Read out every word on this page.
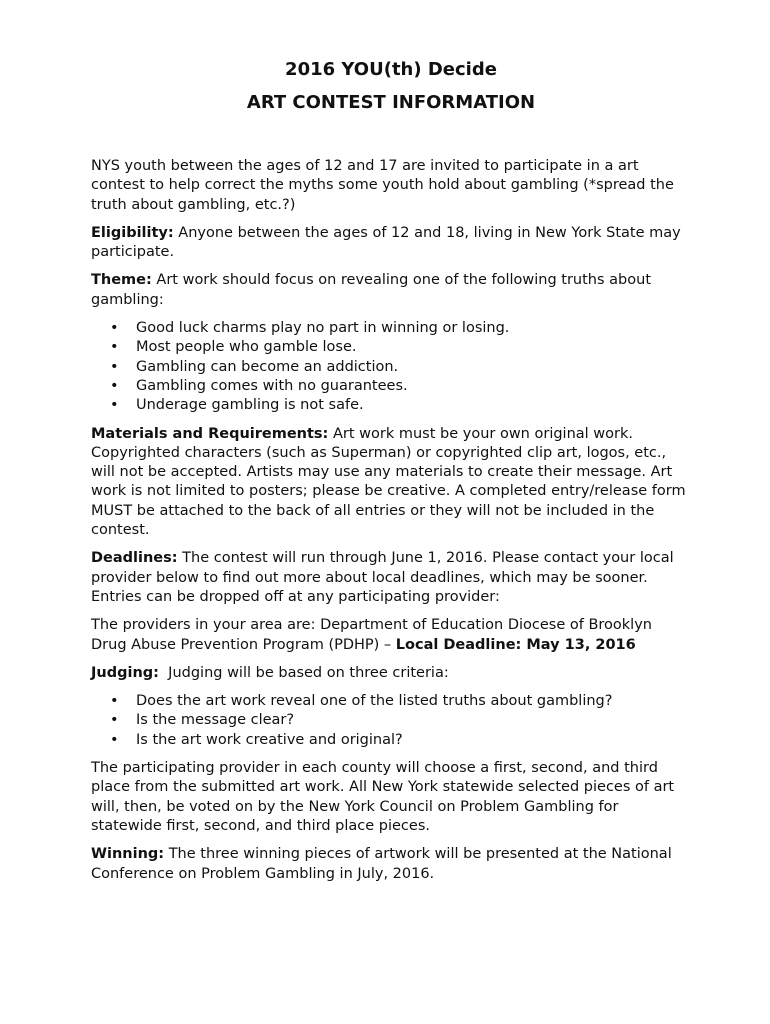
2016 YOU(th) Decide
ART CONTEST INFORMATION

NYS youth between the ages of 12 and 17 are invited to participate in a art contest to help correct the myths some youth hold about gambling (*spread the truth about gambling, etc.?)

Eligibility: Anyone between the ages of 12 and 18, living in New York State may participate.

Theme: Art work should focus on revealing one of the following truths about gambling:

• Good luck charms play no part in winning or losing.
• Most people who gamble lose.
• Gambling can become an addiction.
• Gambling comes with no guarantees.
• Underage gambling is not safe.

Materials and Requirements: Art work must be your own original work. Copyrighted characters (such as Superman) or copyrighted clip art, logos, etc., will not be accepted. Artists may use any materials to create their message. Art work is not limited to posters; please be creative. A completed entry/release form MUST be attached to the back of all entries or they will not be included in the contest.

Deadlines: The contest will run through June 1, 2016. Please contact your local provider below to find out more about local deadlines, which may be sooner. Entries can be dropped off at any participating provider:

The providers in your area are: Department of Education Diocese of Brooklyn Drug Abuse Prevention Program (PDHP) – Local Deadline: May 13, 2016

Judging:  Judging will be based on three criteria:

• Does the art work reveal one of the listed truths about gambling?
• Is the message clear?
• Is the art work creative and original?

The participating provider in each county will choose a first, second, and third place from the submitted art work. All New York statewide selected pieces of art will, then, be voted on by the New York Council on Problem Gambling for statewide first, second, and third place pieces.

Winning: The three winning pieces of artwork will be presented at the National Conference on Problem Gambling in July, 2016.
